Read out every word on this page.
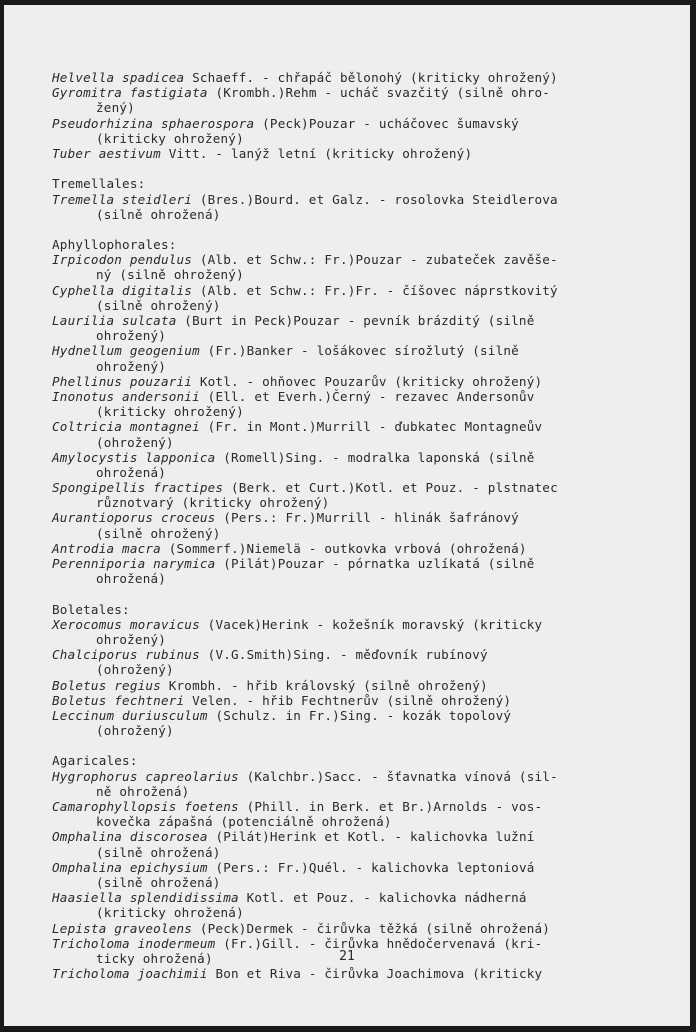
Helvella spadicea Schaeff. - chřapáč bělonohý (kriticky ohrožený)
Gyromitra fastigiata (Krombh.)Rehm - ucháč svazčitý (silně ohro-
žený)
Pseudorhizina sphaerospora (Peck)Pouzar - ucháčovec šumavský
(kriticky ohrožený)
Tuber aestivum Vitt. - lanýž letní (kriticky ohrožený)
Tremellales:
Tremella steidleri (Bres.)Bourd. et Galz. - rosolovka Steidlerova
(silně ohrožená)
Aphyllophorales:
Irpicodon pendulus (Alb. et Schw.: Fr.)Pouzar - zubateček zavěše-
ný (silně ohrožený)
Cyphella digitalis (Alb. et Schw.: Fr.)Fr. - číšovec náprstkovitý
(silně ohrožený)
Laurilia sulcata (Burt in Peck)Pouzar - pevník brázditý (silně
ohrožený)
Hydnellum geogenium (Fr.)Banker - lošákovec sírožlutý (silně
ohrožený)
Phellinus pouzarii Kotl. - ohňovec Pouzarův (kriticky ohrožený)
Inonotus andersonii (Ell. et Everh.)Černý - rezavec Andersonův
(kriticky ohrožený)
Coltricia montagnei (Fr. in Mont.)Murrill - ďubkatec Montagneův
(ohrožený)
Amylocystis lapponica (Romell)Sing. - modralka laponská (silně
ohrožená)
Spongipellis fractipes (Berk. et Curt.)Kotl. et Pouz. - plstnatec
různotvarý (kriticky ohrožený)
Aurantioporus croceus (Pers.: Fr.)Murrill - hlinák šafránový
(silně ohrožený)
Antrodia macra (Sommerf.)Niemelä - outkovka vrbová (ohrožená)
Perenniporia narymica (Pilát)Pouzar - pórnatka uzlíkatá (silně
ohrožená)
Boletales:
Xerocomus moravicus (Vacek)Herink - kožešník moravský (kriticky
ohrožený)
Chalciporus rubinus (V.G.Smith)Sing. - měďovník rubínový
(ohrožený)
Boletus regius Krombh. - hřib královský (silně ohrožený)
Boletus fechtneri Velen. - hřib Fechtnerův (silně ohrožený)
Leccinum duriusculum (Schulz. in Fr.)Sing. - kozák topolový
(ohrožený)
Agaricales:
Hygrophorus capreolarius (Kalchbr.)Sacc. - šťavnatka vínová (sil-
ně ohrožená)
Camarophyllopsis foetens (Phill. in Berk. et Br.)Arnolds - vos-
kovečka zápašná (potenciálně ohrožená)
Omphalina discorosea (Pilát)Herink et Kotl. - kalichovka lužní
(silně ohrožená)
Omphalina epichysium (Pers.: Fr.)Quél. - kalichovka leptoniová
(silně ohrožená)
Haasiella splendidissima Kotl. et Pouz. - kalichovka nádherná
(kriticky ohrožená)
Lepista graveolens (Peck)Dermek - čirůvka těžká (silně ohrožená)
Tricholoma inodermeum (Fr.)Gill. - čirůvka hnědočervenavá (kri-
ticky ohrožená)
Tricholoma joachimii Bon et Riva - čirůvka Joachimova (kriticky
21
